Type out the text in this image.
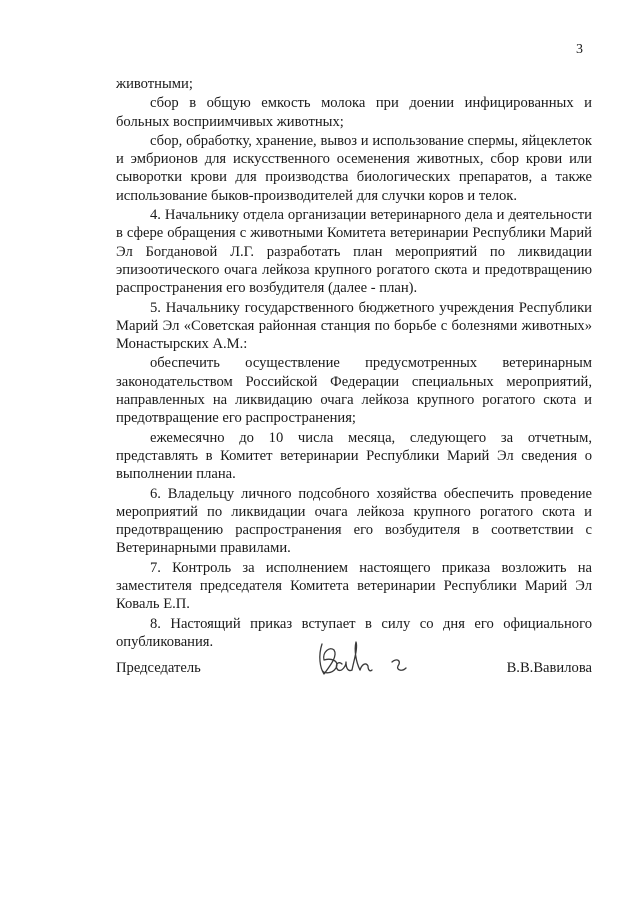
3

животными;

сбор в общую емкость молока при доении инфицированных и больных восприимчивых животных;

сбор, обработку, хранение, вывоз и использование спермы, яйцеклеток и эмбрионов для искусственного осеменения животных, сбор крови или сыворотки крови для производства биологических препаратов, а также использование быков-производителей для случки коров и телок.

4. Начальнику отдела организации ветеринарного дела и деятельности в сфере обращения с животными Комитета ветеринарии Республики Марий Эл Богдановой Л.Г. разработать план мероприятий по ликвидации эпизоотического очага лейкоза крупного рогатого скота и предотвращению распространения его возбудителя (далее - план).

5. Начальнику государственного бюджетного учреждения Республики Марий Эл «Советская районная станция по борьбе с болезнями животных» Монастырских А.М.:

обеспечить осуществление предусмотренных ветеринарным законодательством Российской Федерации специальных мероприятий, направленных на ликвидацию очага лейкоза крупного рогатого скота и предотвращение его распространения;

ежемесячно до 10 числа месяца, следующего за отчетным, представлять в Комитет ветеринарии Республики Марий Эл сведения о выполнении плана.

6. Владельцу личного подсобного хозяйства обеспечить проведение мероприятий по ликвидации очага лейкоза крупного рогатого скота и предотвращению распространения его возбудителя в соответствии с Ветеринарными правилами.

7. Контроль за исполнением настоящего приказа возложить на заместителя председателя Комитета ветеринарии Республики Марий Эл Коваль Е.П.

8. Настоящий приказ вступает в силу со дня его официального опубликования.

Председатель	В.В.Вавилова
